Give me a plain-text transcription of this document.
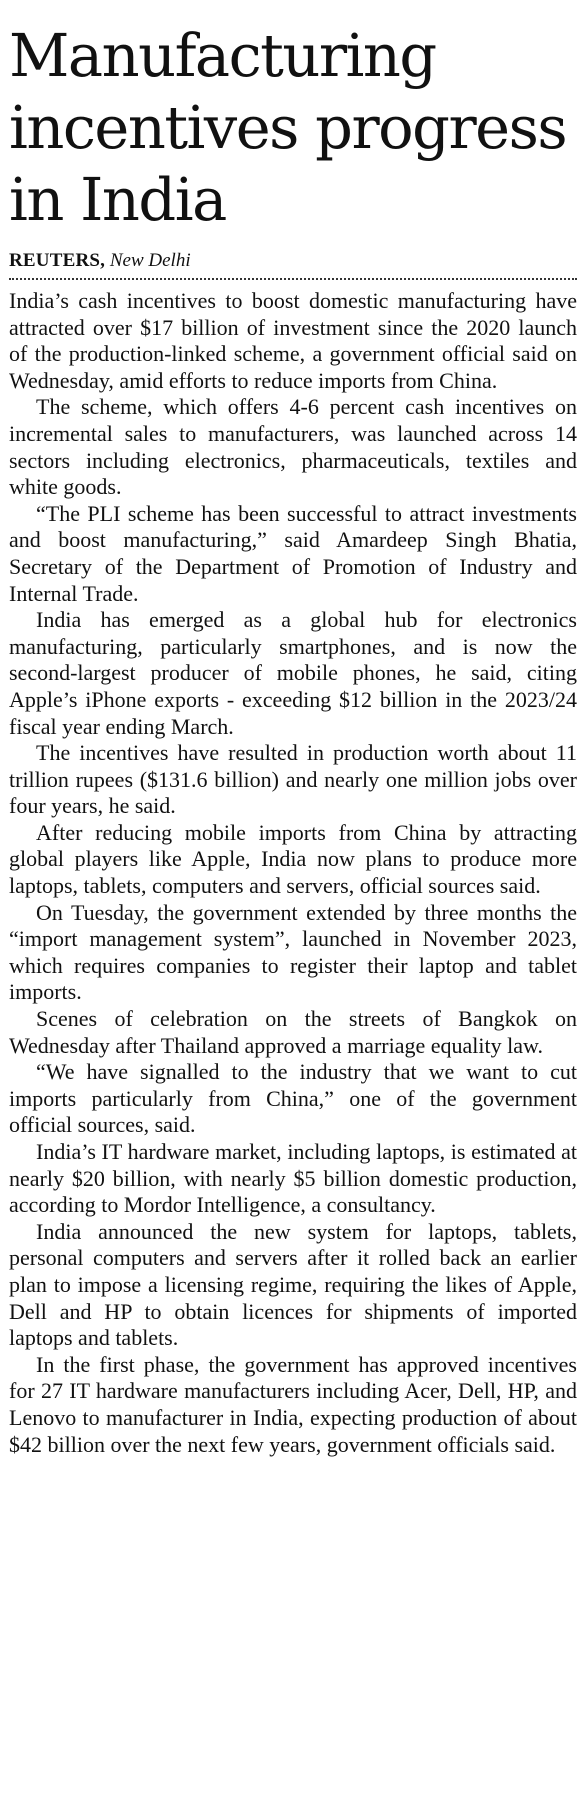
Manufacturing incentives progress in India
REUTERS, New Delhi

India’s cash incentives to boost domestic manufacturing have attracted over $17 billion of investment since the 2020 launch of the production-linked scheme, a government official said on Wednesday, amid efforts to reduce imports from China.

The scheme, which offers 4-6 percent cash incentives on incremental sales to manufacturers, was launched across 14 sectors including electronics, pharmaceuticals, textiles and white goods.

“The PLI scheme has been successful to attract investments and boost manufacturing,” said Amardeep Singh Bhatia, Secretary of the Department of Promotion of Industry and Internal Trade.

India has emerged as a global hub for electronics manufacturing, particularly smartphones, and is now the second-largest producer of mobile phones, he said, citing Apple’s iPhone exports - exceeding $12 billion in the 2023/24 fiscal year ending March.

The incentives have resulted in production worth about 11 trillion rupees ($131.6 billion) and nearly one million jobs over four years, he said.

After reducing mobile imports from China by attracting global players like Apple, India now plans to produce more laptops, tablets, computers and servers, official sources said.

On Tuesday, the government extended by three months the “import management system”, launched in November 2023, which requires companies to register their laptop and tablet imports.

Scenes of celebration on the streets of Bangkok on Wednesday after Thailand approved a marriage equality law.

“We have signalled to the industry that we want to cut imports particularly from China,” one of the government official sources, said.

India’s IT hardware market, including laptops, is estimated at nearly $20 billion, with nearly $5 billion domestic production, according to Mordor Intelligence, a consultancy.

India announced the new system for laptops, tablets, personal computers and servers after it rolled back an earlier plan to impose a licensing regime, requiring the likes of Apple, Dell and HP to obtain licences for shipments of imported laptops and tablets.

In the first phase, the government has approved incentives for 27 IT hardware manufacturers including Acer, Dell, HP, and Lenovo to manufacturer in India, expecting production of about $42 billion over the next few years, government officials said.
